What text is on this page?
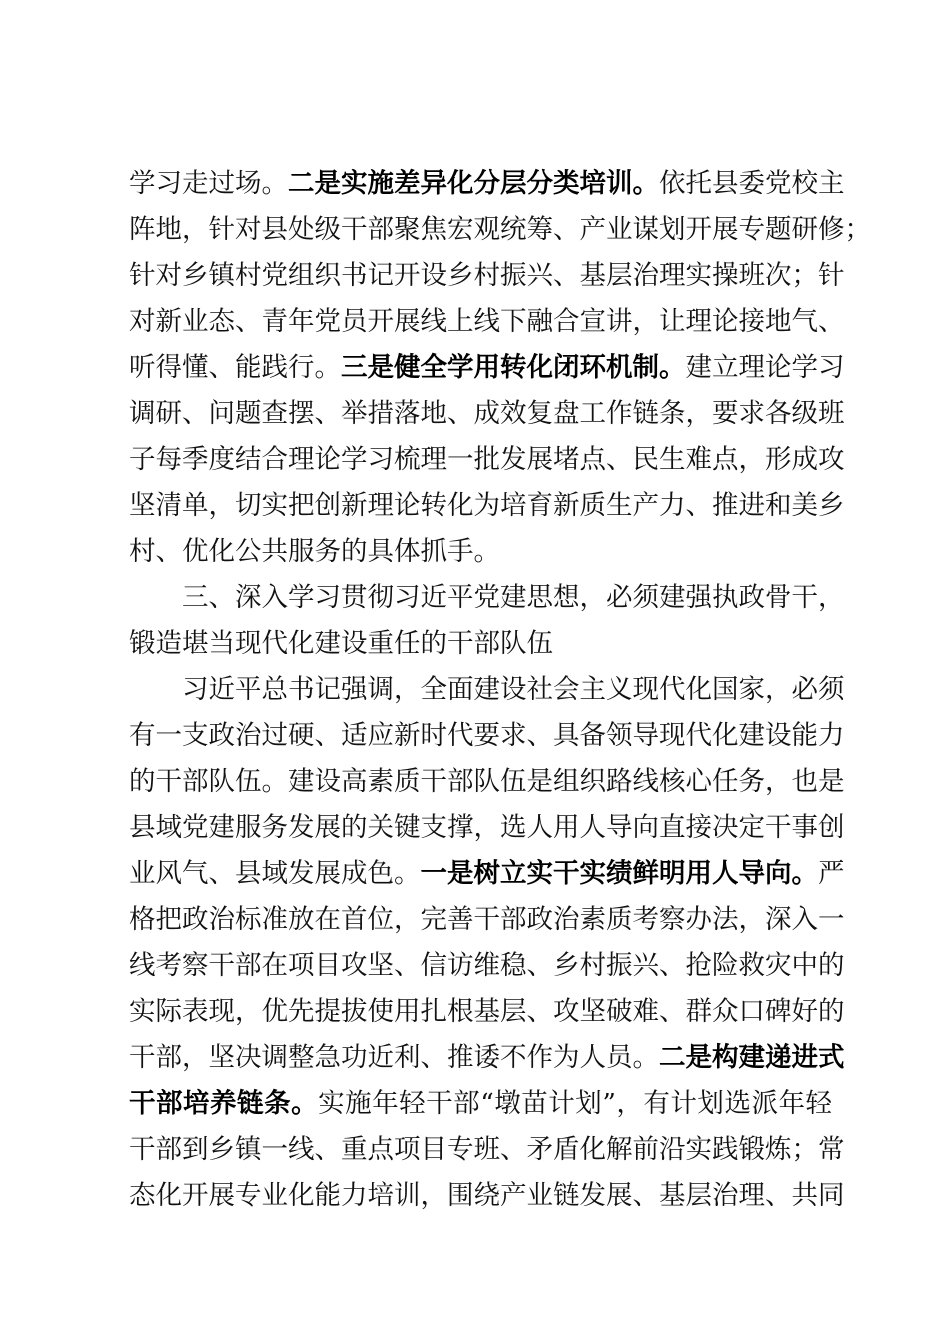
学习走过场。二是实施差异化分层分类培训。依托县委党校主
阵地，针对县处级干部聚焦宏观统筹、产业谋划开展专题研修；
针对乡镇村党组织书记开设乡村振兴、基层治理实操班次；针
对新业态、青年党员开展线上线下融合宣讲，让理论接地气、
听得懂、能践行。三是健全学用转化闭环机制。建立理论学习
调研、问题查摆、举措落地、成效复盘工作链条，要求各级班
子每季度结合理论学习梳理一批发展堵点、民生难点，形成攻
坚清单，切实把创新理论转化为培育新质生产力、推进和美乡
村、优化公共服务的具体抓手。
三、深入学习贯彻习近平党建思想，必须建强执政骨干，
锻造堪当现代化建设重任的干部队伍
习近平总书记强调，全面建设社会主义现代化国家，必须
有一支政治过硬、适应新时代要求、具备领导现代化建设能力
的干部队伍。建设高素质干部队伍是组织路线核心任务，也是
县域党建服务发展的关键支撑，选人用人导向直接决定干事创
业风气、县域发展成色。一是树立实干实绩鲜明用人导向。严
格把政治标准放在首位，完善干部政治素质考察办法，深入一
线考察干部在项目攻坚、信访维稳、乡村振兴、抢险救灾中的
实际表现，优先提拔使用扎根基层、攻坚破难、群众口碑好的
干部，坚决调整急功近利、推诿不作为人员。二是构建递进式
干部培养链条。实施年轻干部“墩苗计划”，有计划选派年轻
干部到乡镇一线、重点项目专班、矛盾化解前沿实践锻炼；常
态化开展专业化能力培训，围绕产业链发展、基层治理、共同
